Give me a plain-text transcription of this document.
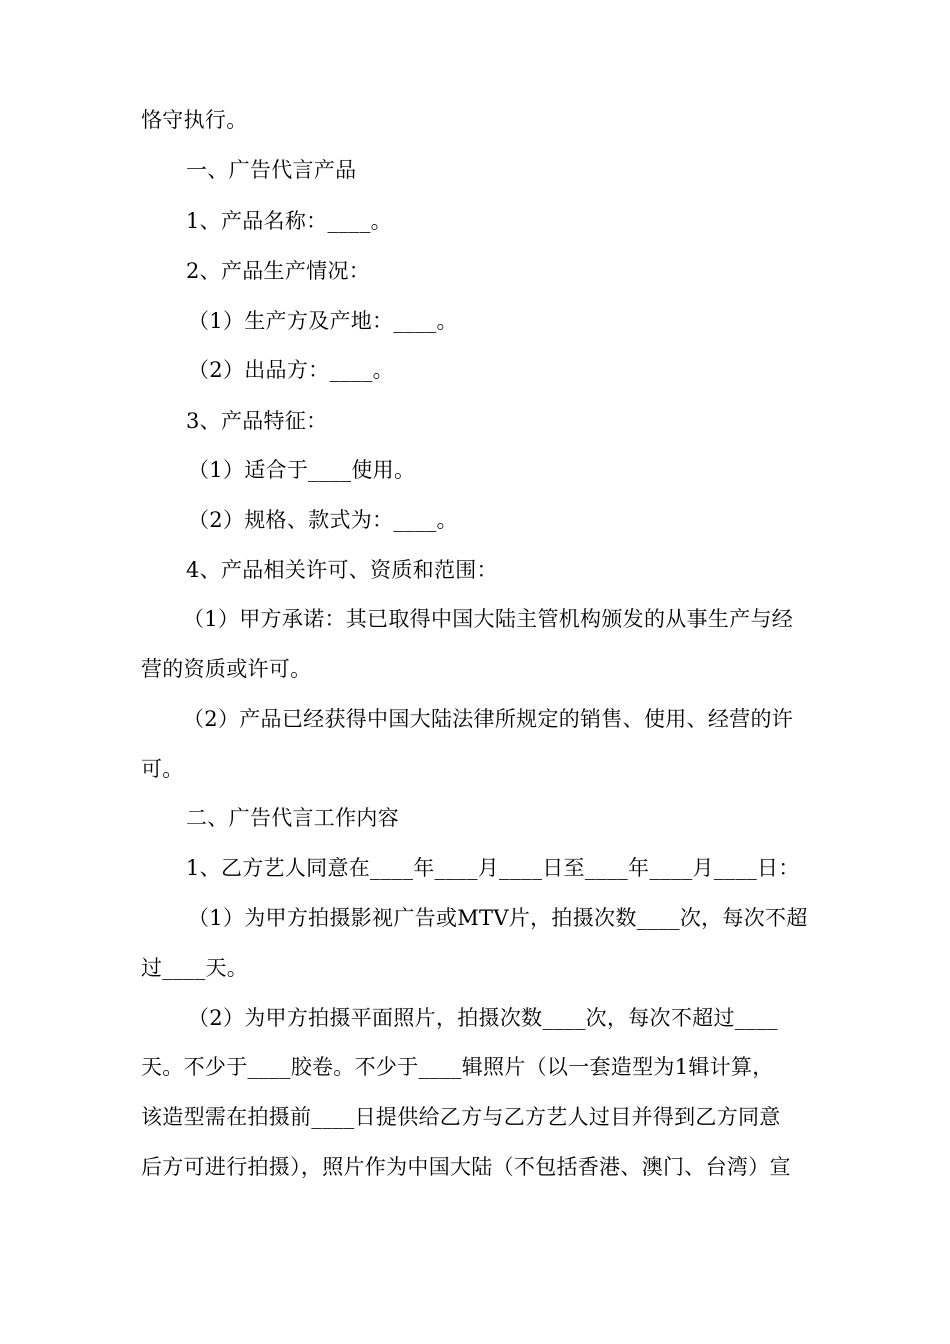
恪守执行。
一、广告代言产品
1、产品名称：____。
2、产品生产情况：
（1）生产方及产地：____。
（2）出品方：____。
3、产品特征：
（1）适合于____使用。
（2）规格、款式为：____。
4、产品相关许可、资质和范围：
（1）甲方承诺：其已取得中国大陆主管机构颁发的从事生产与经
营的资质或许可。
（2）产品已经获得中国大陆法律所规定的销售、使用、经营的许
可。
二、广告代言工作内容
1、乙方艺人同意在____年____月____日至____年____月____日：
（1）为甲方拍摄影视广告或MTV片，拍摄次数____次，每次不超
过____天。
（2）为甲方拍摄平面照片，拍摄次数____次，每次不超过____
天。不少于____胶卷。不少于____辑照片（以一套造型为1辑计算，
该造型需在拍摄前____日提供给乙方与乙方艺人过目并得到乙方同意
后方可进行拍摄），照片作为中国大陆（不包括香港、澳门、台湾）宣
